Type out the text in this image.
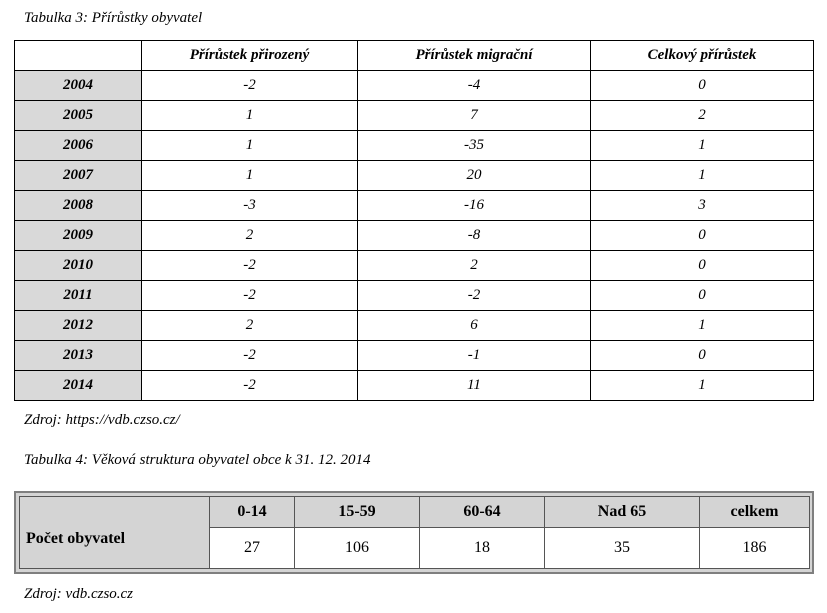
Tabulka 3: Přírůstky obyvatel
	Přírůstek přirozený	Přírůstek migrační	Celkový přírůstek
2004	-2	-4	0
2005	1	7	2
2006	1	-35	1
2007	1	20	1
2008	-3	-16	3
2009	2	-8	0
2010	-2	2	0
2011	-2	-2	0
2012	2	6	1
2013	-2	-1	0
2014	-2	11	1
Zdroj: https://vdb.czso.cz/
Tabulka 4: Věková struktura obyvatel obce k 31. 12. 2014
	0-14	15-59	60-64	Nad 65	celkem
Počet obyvatel	27	106	18	35	186
Zdroj: vdb.czso.cz
